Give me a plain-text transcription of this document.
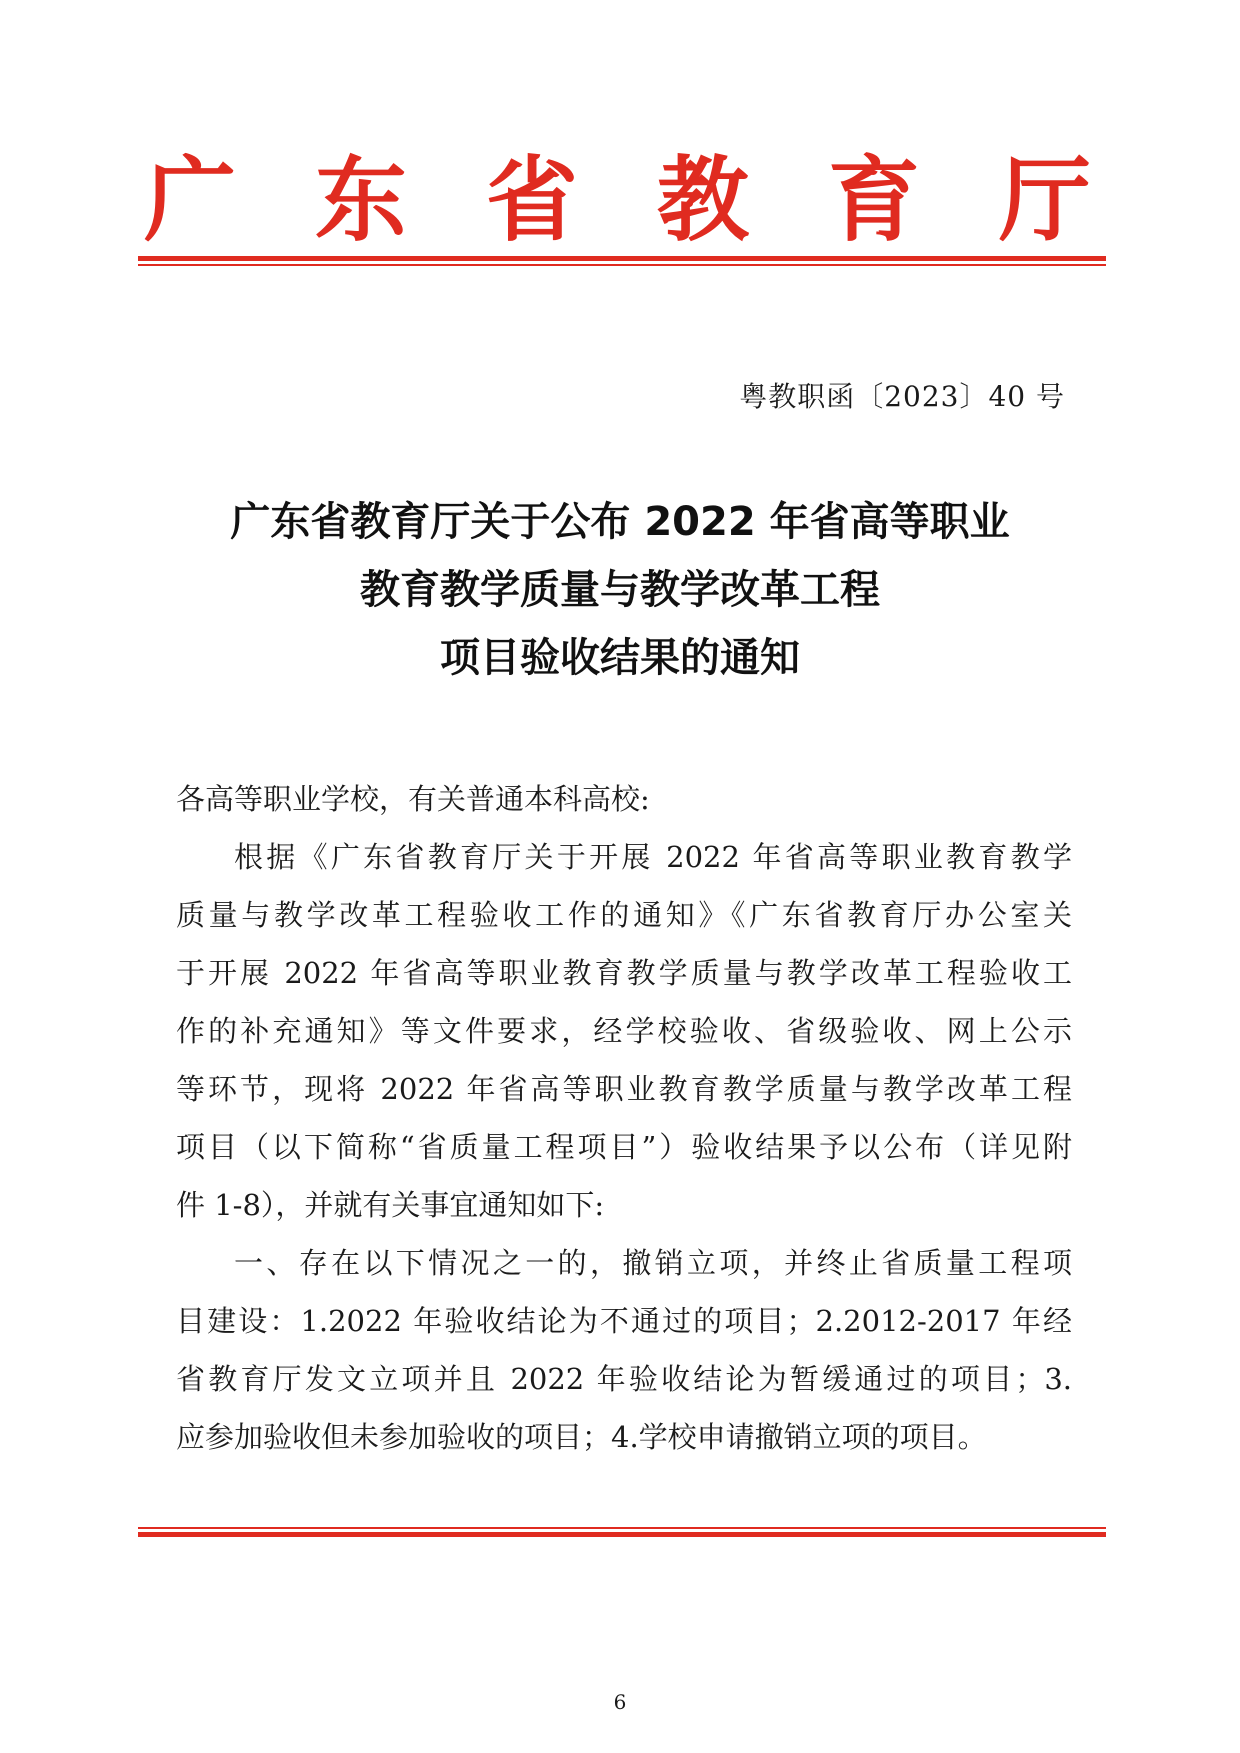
广 东 省 教 育 厅
粤教职函〔2023〕40 号
广东省教育厅关于公布 2022 年省高等职业
教育教学质量与教学改革工程
项目验收结果的通知

各高等职业学校，有关普通本科高校:

根据《广东省教育厅关于开展 2022 年省高等职业教育教学
质量与教学改革工程验收工作的通知》《广东省教育厅办公室关
于开展 2022 年省高等职业教育教学质量与教学改革工程验收工
作的补充通知》等文件要求，经学校验收、省级验收、网上公示
等环节，现将 2022 年省高等职业教育教学质量与教学改革工程
项目（以下简称“省质量工程项目”）验收结果予以公布（详见附
件 1-8），并就有关事宜通知如下:

一、存在以下情况之一的，撤销立项，并终止省质量工程项
目建设：1.2022 年验收结论为不通过的项目；2.2012-2017 年经
省教育厅发文立项并且 2022 年验收结论为暂缓通过的项目；3.
应参加验收但未参加验收的项目；4.学校申请撤销立项的项目。

6
